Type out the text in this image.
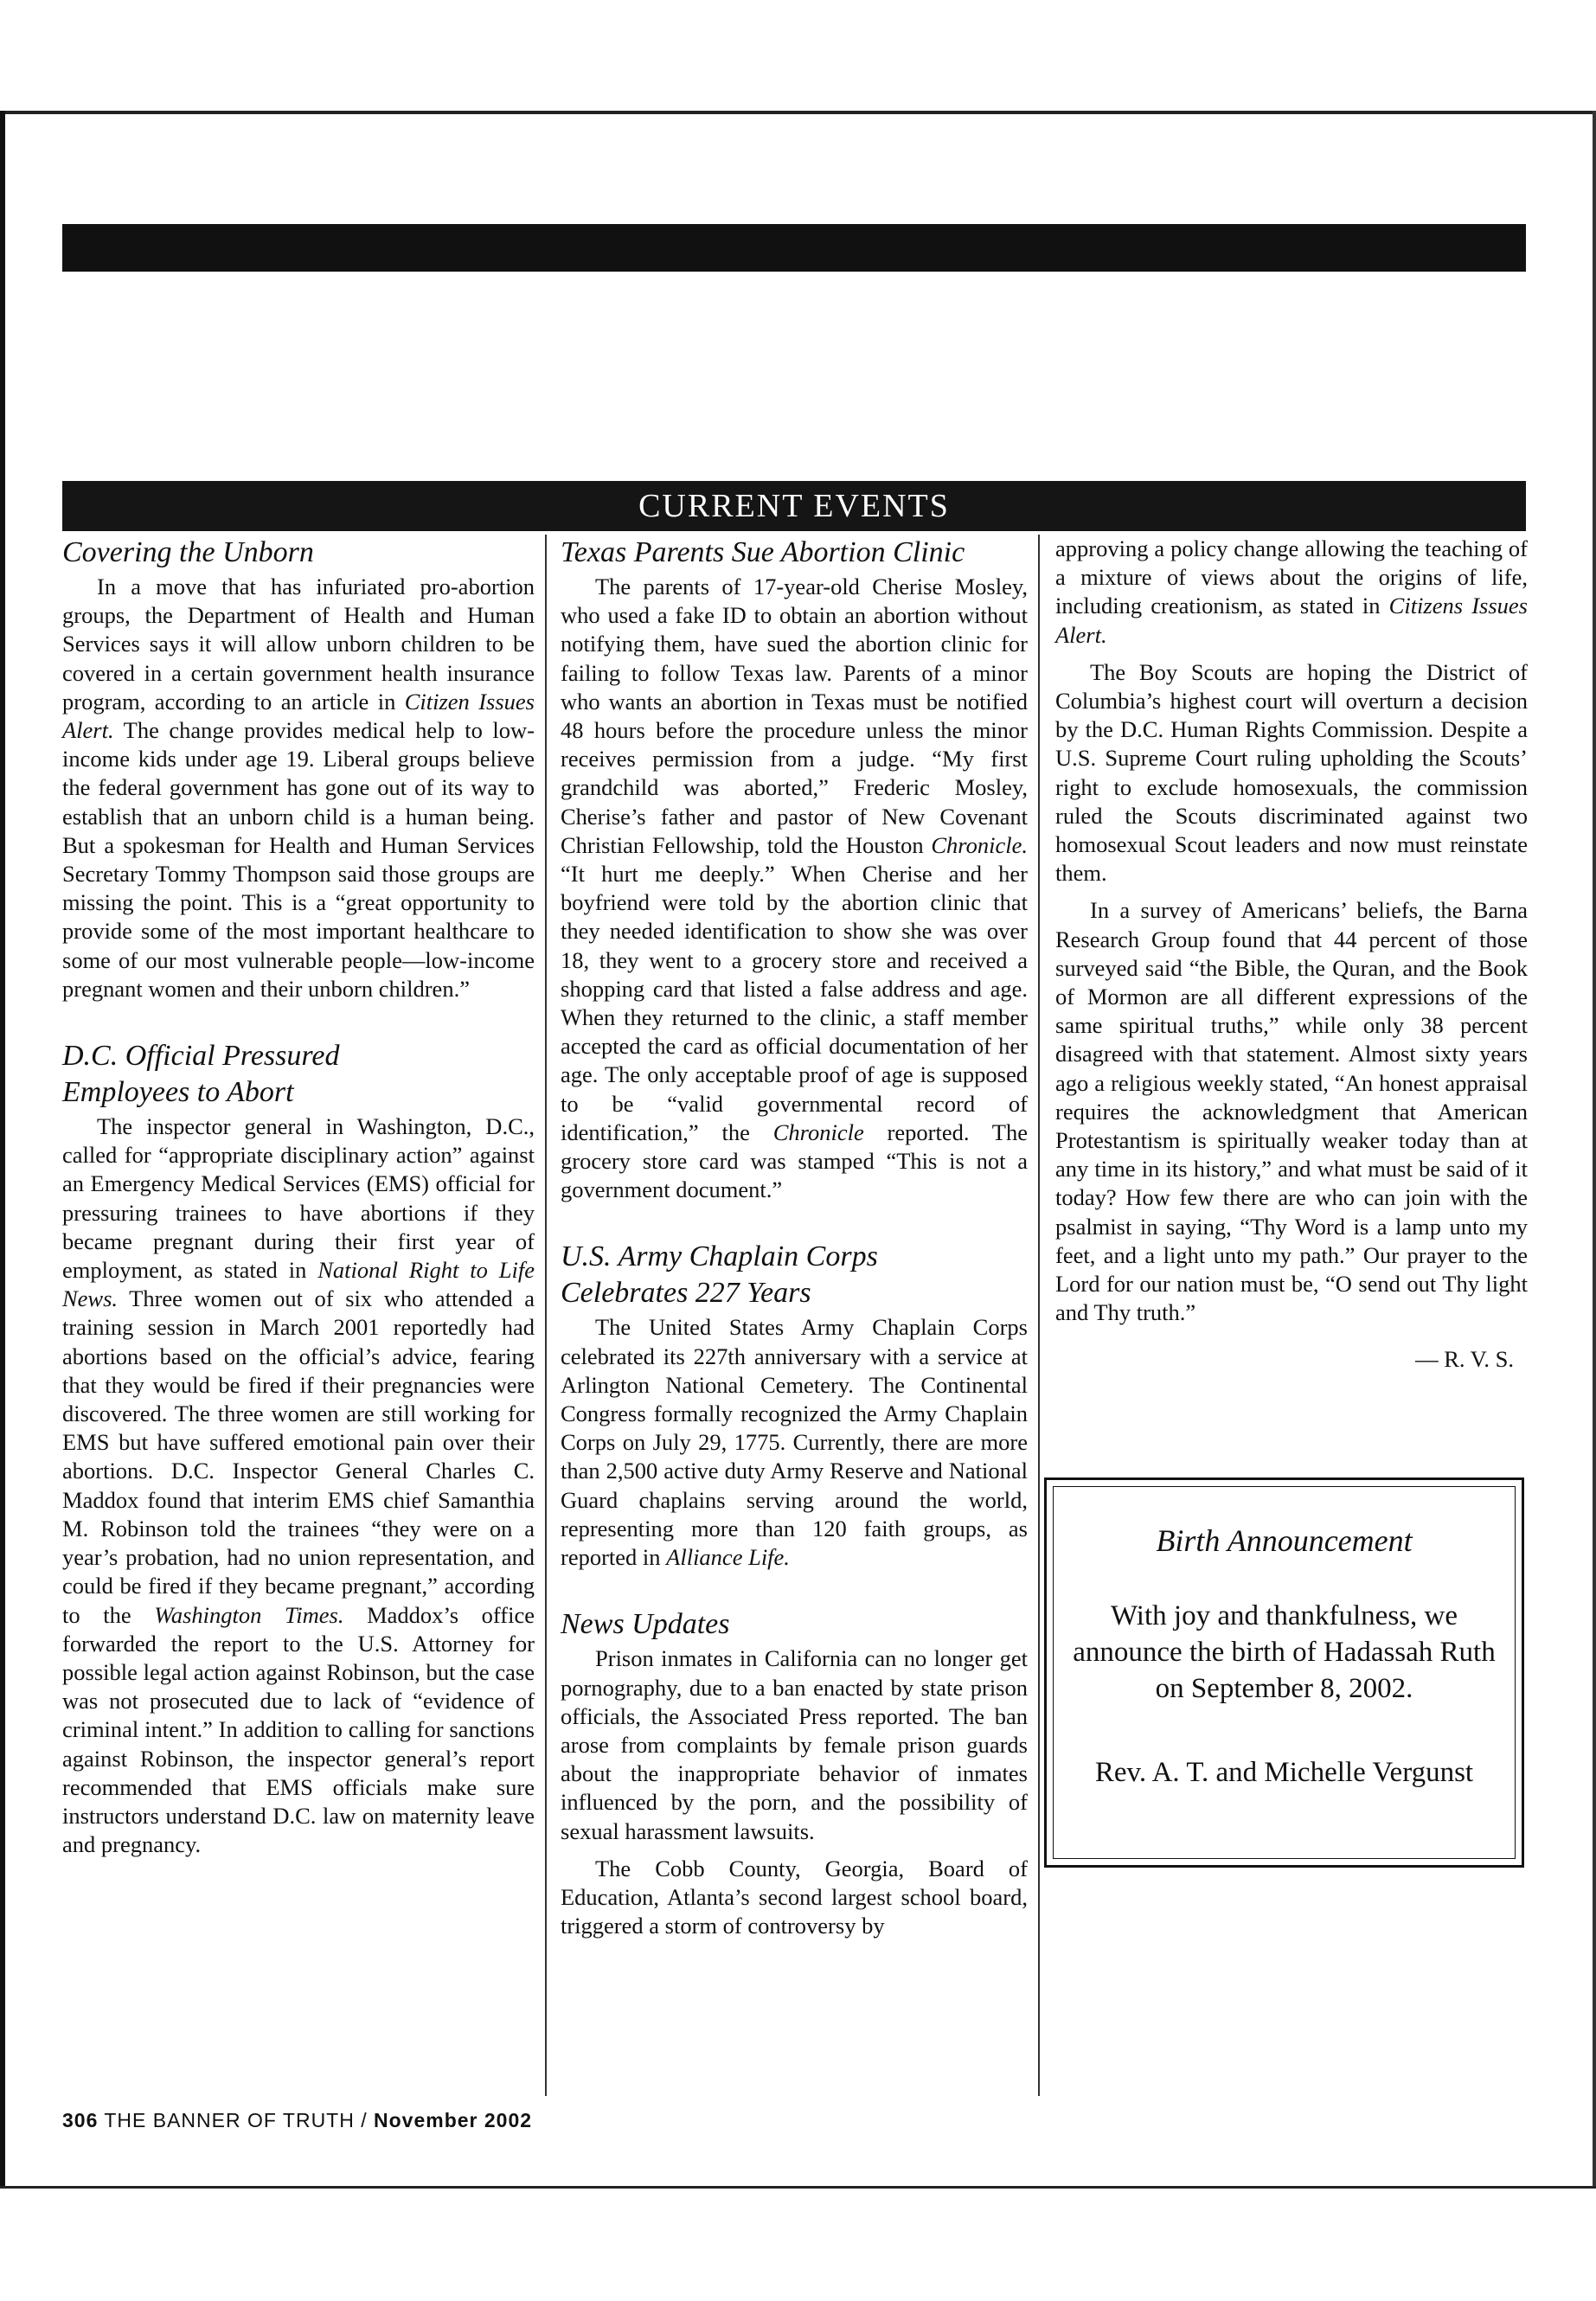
CURRENT EVENTS
Covering the Unborn

In a move that has infuriated pro-abortion groups, the Department of Health and Human Services says it will allow unborn children to be covered in a certain government health insurance program, according to an article in Citizen Issues Alert. The change provides medical help to low-income kids under age 19. Liberal groups believe the federal government has gone out of its way to establish that an unborn child is a human being. But a spokesman for Health and Human Services Secretary Tommy Thompson said those groups are missing the point. This is a “great opportunity to provide some of the most important healthcare to some of our most vulnerable people—low-income pregnant women and their unborn children.”

D.C. Official Pressured
Employees to Abort

The inspector general in Washington, D.C., called for “appropriate disciplinary action” against an Emergency Medical Services (EMS) official for pressuring trainees to have abortions if they became pregnant during their first year of employment, as stated in National Right to Life News. Three women out of six who attended a training session in March 2001 reportedly had abortions based on the official’s advice, fearing that they would be fired if their pregnancies were discovered. The three women are still working for EMS but have suffered emotional pain over their abortions. D.C. Inspector General Charles C. Maddox found that interim EMS chief Samanthia M. Robinson told the trainees “they were on a year’s probation, had no union representation, and could be fired if they became pregnant,” according to the Washington Times. Maddox’s office forwarded the report to the U.S. Attorney for possible legal action against Robinson, but the case was not prosecuted due to lack of “evidence of criminal intent.” In addition to calling for sanctions against Robinson, the inspector general’s report recommended that EMS officials make sure instructors understand D.C. law on maternity leave and pregnancy.

Texas Parents Sue Abortion Clinic

The parents of 17-year-old Cherise Mosley, who used a fake ID to obtain an abortion without notifying them, have sued the abortion clinic for failing to follow Texas law. Parents of a minor who wants an abortion in Texas must be notified 48 hours before the procedure unless the minor receives permission from a judge. “My first grandchild was aborted,” Frederic Mosley, Cherise’s father and pastor of New Covenant Christian Fellowship, told the Houston Chronicle. “It hurt me deeply.” When Cherise and her boyfriend were told by the abortion clinic that they needed identification to show she was over 18, they went to a grocery store and received a shopping card that listed a false address and age. When they returned to the clinic, a staff member accepted the card as official documentation of her age. The only acceptable proof of age is supposed to be “valid governmental record of identification,” the Chronicle reported. The grocery store card was stamped “This is not a government document.”

U.S. Army Chaplain Corps
Celebrates 227 Years

The United States Army Chaplain Corps celebrated its 227th anniversary with a service at Arlington National Cemetery. The Continental Congress formally recognized the Army Chaplain Corps on July 29, 1775. Currently, there are more than 2,500 active duty Army Reserve and National Guard chaplains serving around the world, representing more than 120 faith groups, as reported in Alliance Life.

News Updates

Prison inmates in California can no longer get pornography, due to a ban enacted by state prison officials, the Associated Press reported. The ban arose from complaints by female prison guards about the inappropriate behavior of inmates influenced by the porn, and the possibility of sexual harassment lawsuits.

The Cobb County, Georgia, Board of Education, Atlanta’s second largest school board, triggered a storm of controversy by

approving a policy change allowing the teaching of a mixture of views about the origins of life, including creationism, as stated in Citizens Issues Alert.

The Boy Scouts are hoping the District of Columbia’s highest court will overturn a decision by the D.C. Human Rights Commission. Despite a U.S. Supreme Court ruling upholding the Scouts’ right to exclude homosexuals, the commission ruled the Scouts discriminated against two homosexual Scout leaders and now must reinstate them.

In a survey of Americans’ beliefs, the Barna Research Group found that 44 percent of those surveyed said “the Bible, the Quran, and the Book of Mormon are all different expressions of the same spiritual truths,” while only 38 percent disagreed with that statement. Almost sixty years ago a religious weekly stated, “An honest appraisal requires the acknowledgment that American Protestantism is spiritually weaker today than at any time in its history,” and what must be said of it today? How few there are who can join with the psalmist in saying, “Thy Word is a lamp unto my feet, and a light unto my path.” Our prayer to the Lord for our nation must be, “O send out Thy light and Thy truth.”

— R. V. S.
Birth Announcement
With joy and thankfulness, we announce the birth of Hadassah Ruth on September 8, 2002.
Rev. A. T. and Michelle Vergunst
306 THE BANNER OF TRUTH / November 2002
